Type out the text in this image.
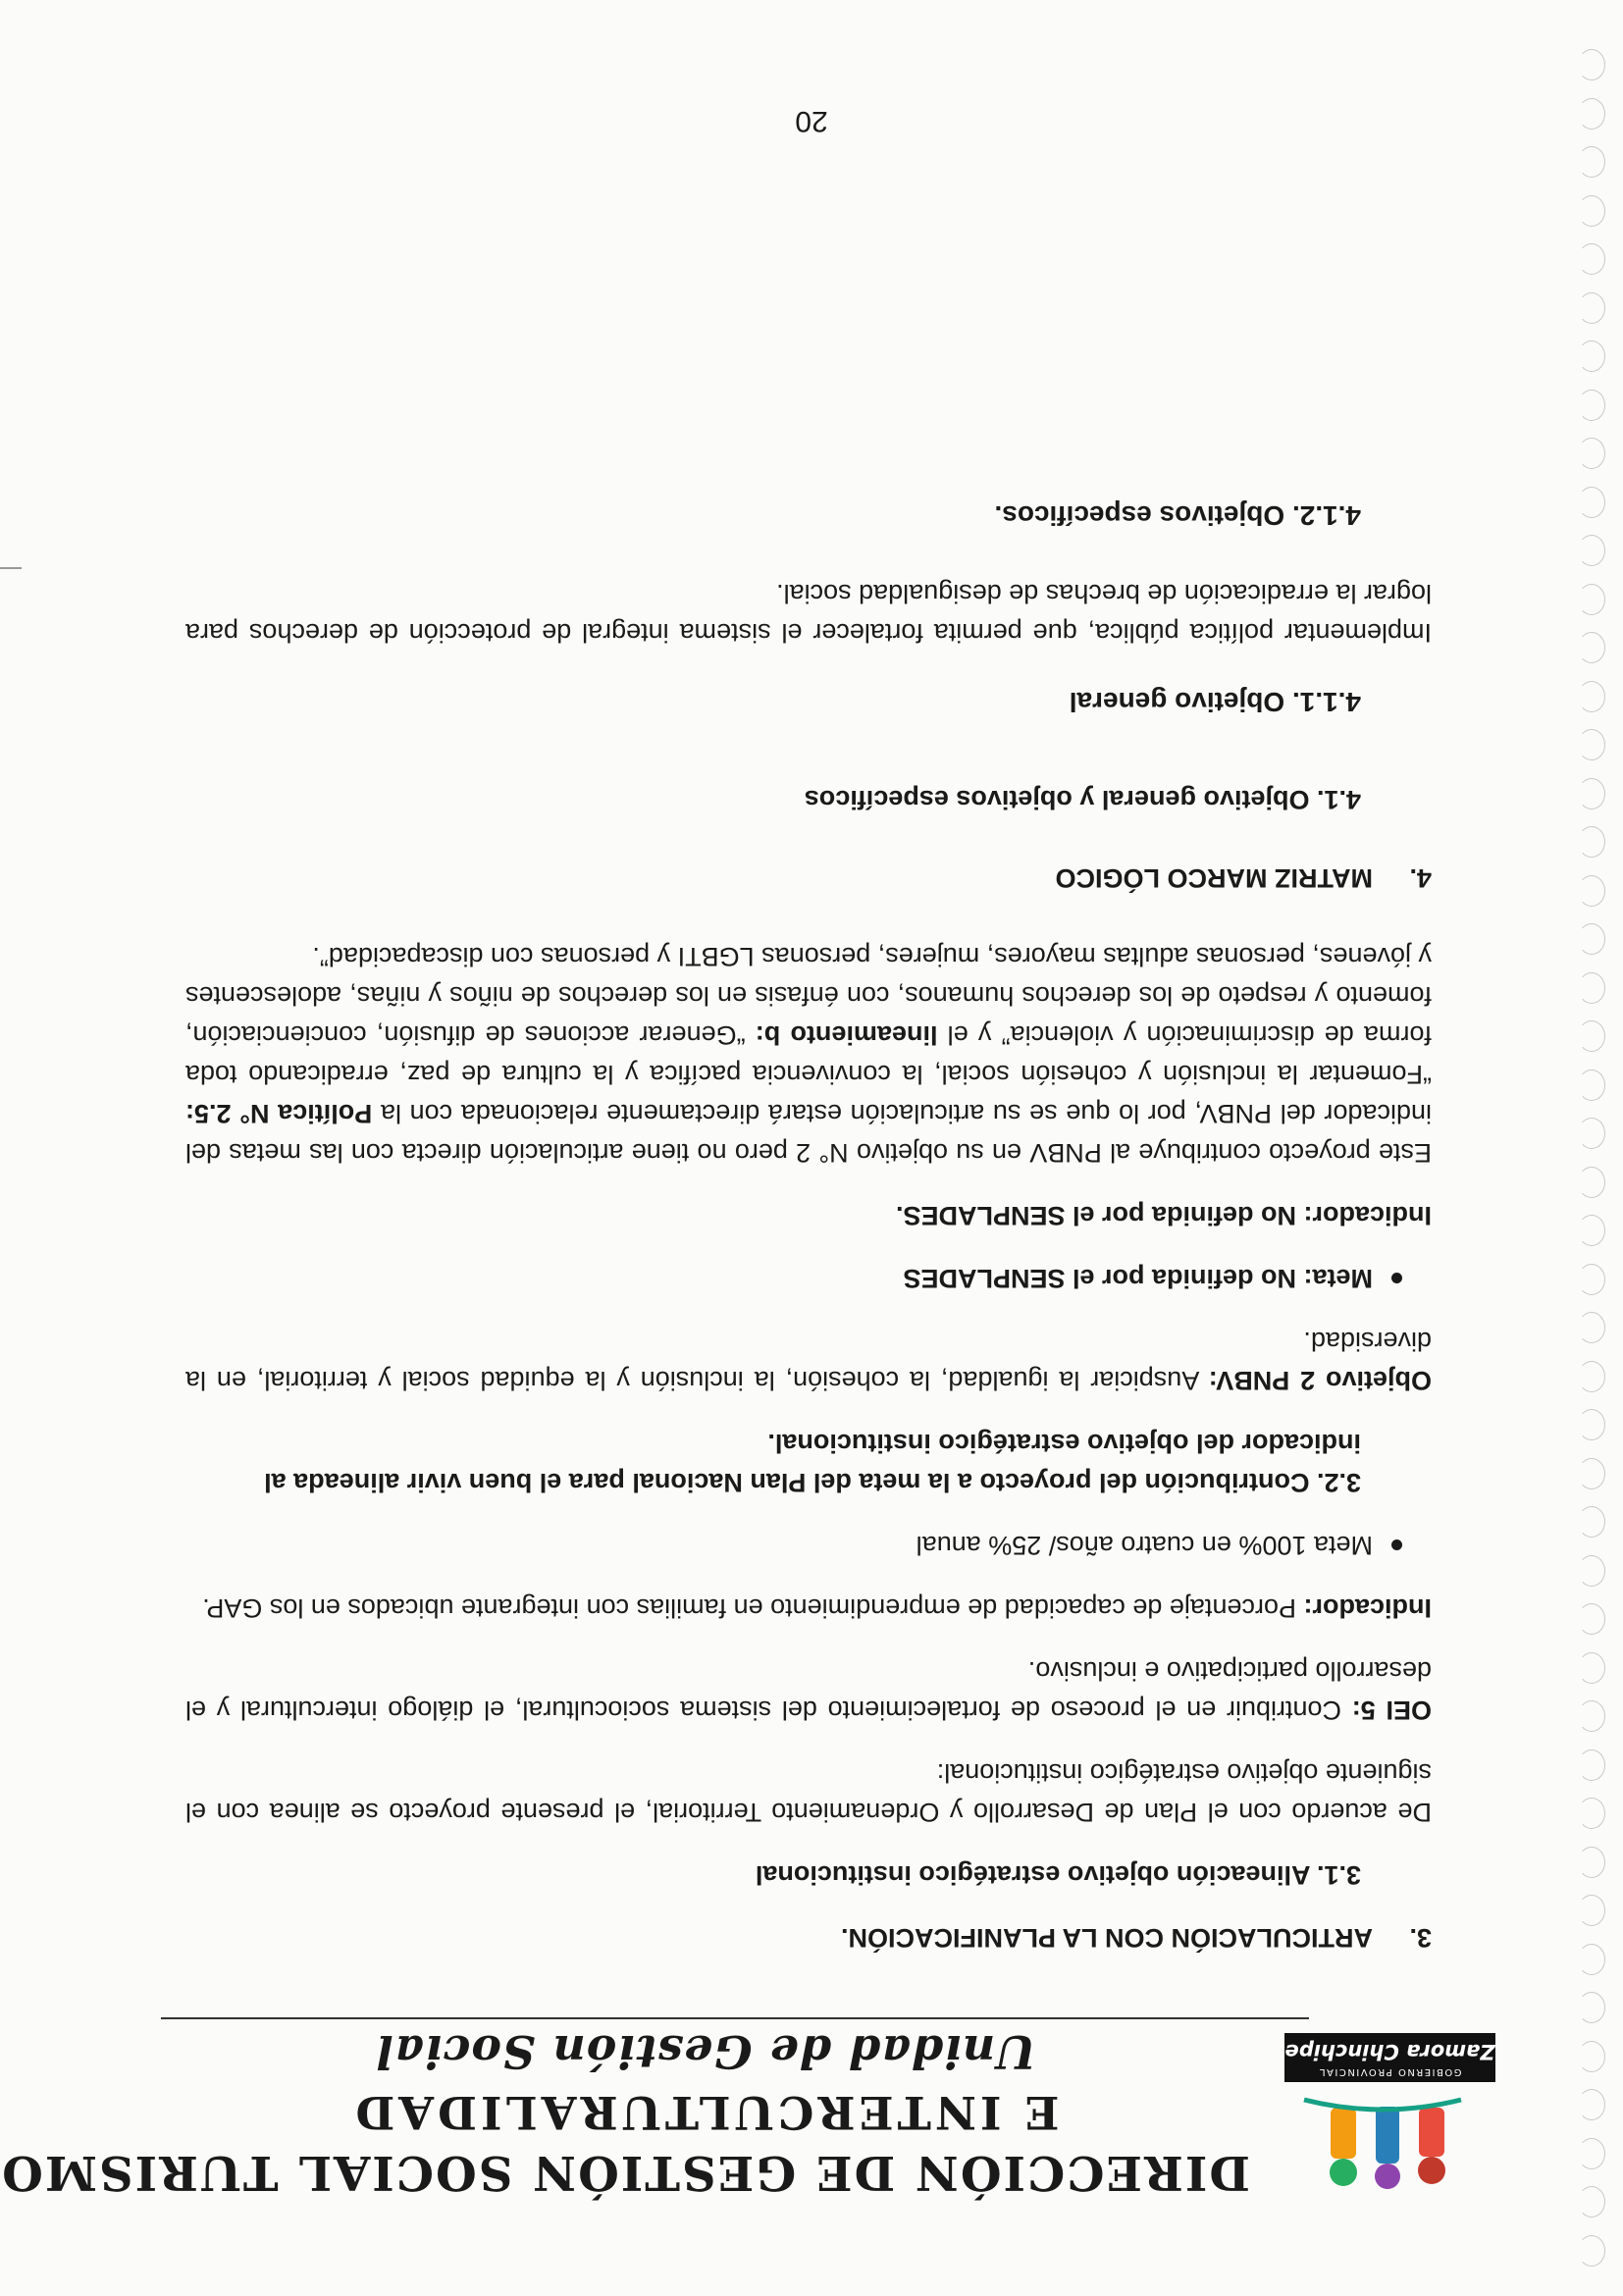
GOBIERNO PROVINCIAL
Zamora Chinchipe
DIRECCIÓN DE GESTIÓN SOCIAL TURISMO
E INTERCULTURALIDAD
Unidad de Gestión Social
3.ARTICULACIÓN CON LA PLANIFICACIÓN.
3.1. Alineación objetivo estratégico institucional

De acuerdo con el Plan de Desarrollo y Ordenamiento Territorial, el presente proyecto se alinea con el siguiente objetivo estratégico institucional:

OEI 5: Contribuir en el proceso de fortalecimiento del sistema sociocultural, el diálogo intercultural y el desarrollo participativo e inclusivo.

Indicador: Porcentaje de capacidad de emprendimiento en familias con integrante ubicados en los GAP.

Meta 100% en cuatro años/ 25% anual
3.2. Contribución del proyecto a la meta del Plan Nacional para el buen vivir alineada al indicador del objetivo estratégico institucional.

Objetivo 2 PNBV: Auspiciar la igualdad, la cohesión, la inclusión y la equidad social y territorial, en la diversidad.

Meta: No definida por el SENPLADES

Indicador: No definida por el SENPLADES.

Este proyecto contribuye al PNBV en su objetivo N° 2 pero no tiene articulación directa con las metas del indicador del PNBV, por lo que se su articulación estará directamente relacionada con la Política N° 2.5: “Fomentar la inclusión y cohesión social, la convivencia pacífica y la cultura de paz, erradicando toda forma de discriminación y violencia” y el lineamiento b: “Generar acciones de difusión, concienciación, fomento y respeto de los derechos humanos, con énfasis en los derechos de niños y niñas, adolescentes y jóvenes, personas adultas mayores, mujeres, personas LGBTI y personas con discapacidad”.

4.MATRIZ MARCO LÓGICO
4.1. Objetivo general y objetivos específicos
4.1.1. Objetivo general

Implementar política pública, que permita fortalecer el sistema integral de protección de derechos para lograr la erradicación de brechas de desigualdad social.

4.1.2. Objetivos específicos.
20
